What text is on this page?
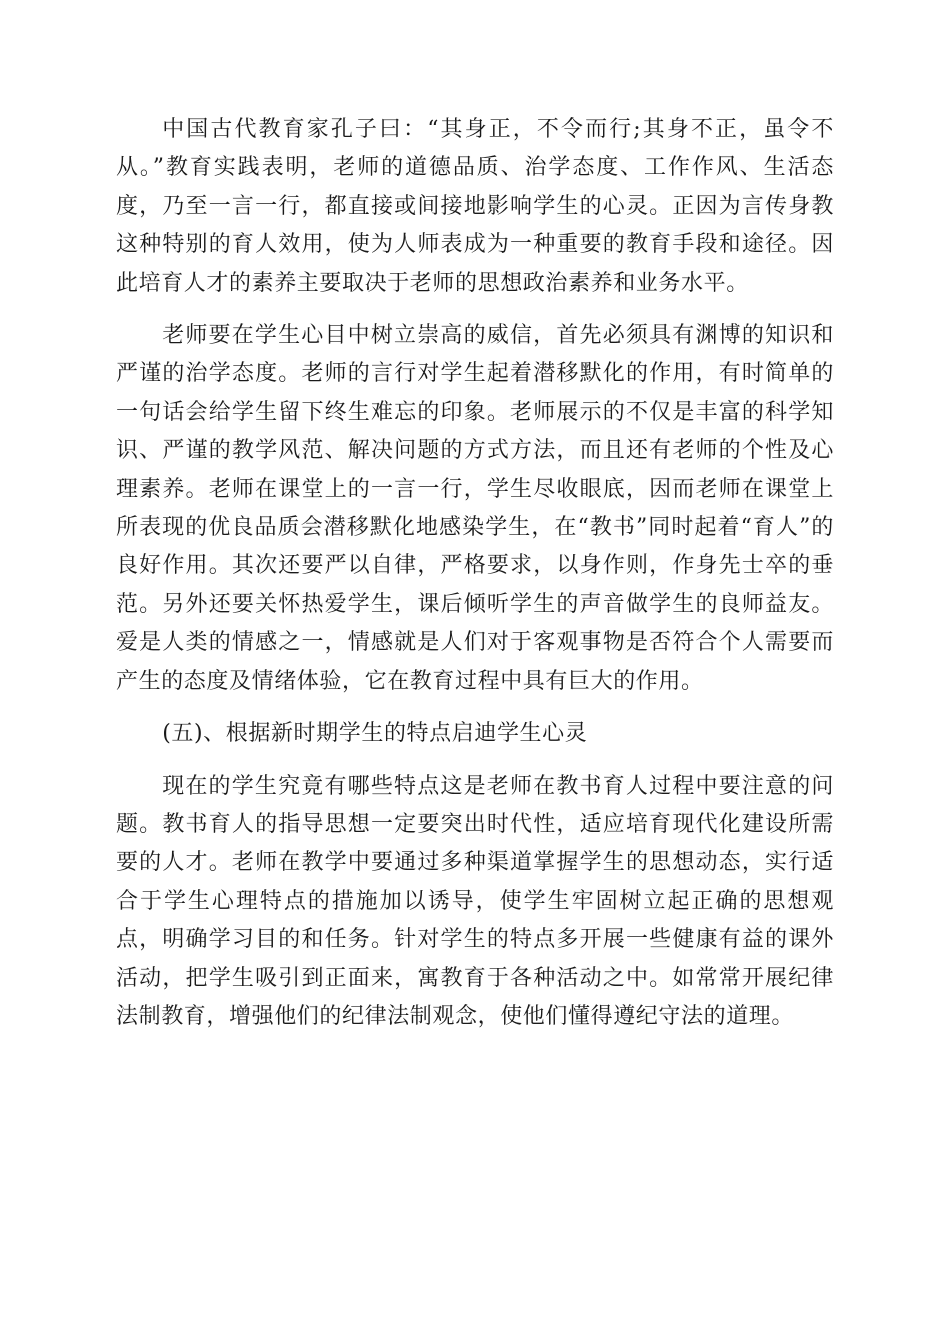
中国古代教育家孔子曰：“其身正，不令而行;其身不正，虽令不从。”教育实践表明，老师的道德品质、治学态度、工作作风、生活态度，乃至一言一行，都直接或间接地影响学生的心灵。正因为言传身教这种特别的育人效用，使为人师表成为一种重要的教育手段和途径。因此培育人才的素养主要取决于老师的思想政治素养和业务水平。

老师要在学生心目中树立崇高的威信，首先必须具有渊博的知识和严谨的治学态度。老师的言行对学生起着潜移默化的作用，有时简单的一句话会给学生留下终生难忘的印象。老师展示的不仅是丰富的科学知识、严谨的教学风范、解决问题的方式方法，而且还有老师的个性及心理素养。老师在课堂上的一言一行，学生尽收眼底，因而老师在课堂上所表现的优良品质会潜移默化地感染学生，在“教书”同时起着“育人”的良好作用。其次还要严以自律，严格要求，以身作则，作身先士卒的垂范。另外还要关怀热爱学生，课后倾听学生的声音做学生的良师益友。爱是人类的情感之一，情感就是人们对于客观事物是否符合个人需要而产生的态度及情绪体验，它在教育过程中具有巨大的作用。

(五)、根据新时期学生的特点启迪学生心灵

现在的学生究竟有哪些特点这是老师在教书育人过程中要注意的问题。教书育人的指导思想一定要突出时代性，适应培育现代化建设所需要的人才。老师在教学中要通过多种渠道掌握学生的思想动态，实行适合于学生心理特点的措施加以诱导，使学生牢固树立起正确的思想观点，明确学习目的和任务。针对学生的特点多开展一些健康有益的课外活动，把学生吸引到正面来，寓教育于各种活动之中。如常常开展纪律法制教育，增强他们的纪律法制观念，使他们懂得遵纪守法的道理。
